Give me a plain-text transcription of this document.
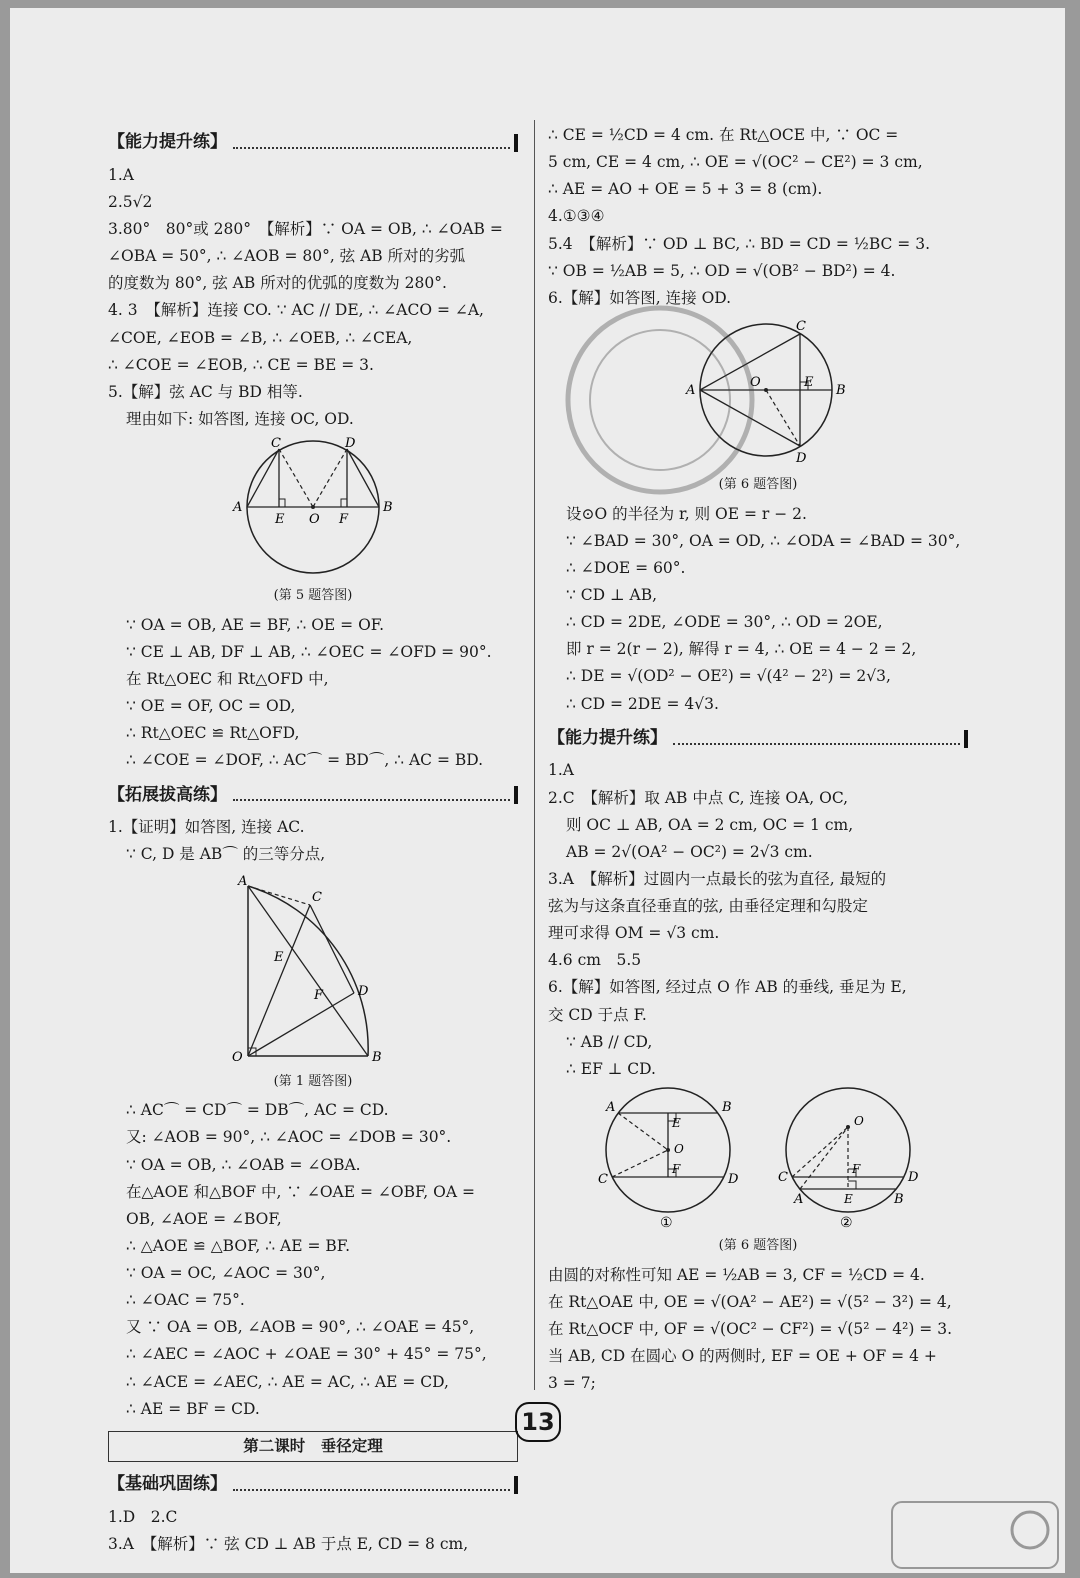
【能力提升练】
1.A
2.5√2
3.80°　80°或 280°　【解析】∵ OA = OB, ∴ ∠OAB =
∠OBA = 50°, ∴ ∠AOB = 80°, 弦 AB 所对的劣弧
的度数为 80°, 弦 AB 所对的优弧的度数为 280°.
4. 3　【解析】连接 CO. ∵ AC // DE, ∴ ∠ACO = ∠A,
∠COE, ∠EOB = ∠B, ∴ ∠OEB, ∴ ∠CEA,
∴ ∠COE = ∠EOB, ∴ CE = BE = 3.
5.【解】弦 AC 与 BD 相等.
理由如下: 如答图, 连接 OC, OD.
A	B
C	D
E O F
(第 5 题答图)
∵ OA = OB, AE = BF, ∴ OE = OF.
∵ CE ⊥ AB, DF ⊥ AB, ∴ ∠OEC = ∠OFD = 90°.
在 Rt△OEC 和 Rt△OFD 中,
∵ OE = OF, OC = OD,
∴ Rt△OEC ≌ Rt△OFD,
∴ ∠COE = ∠DOF, ∴ AC⌒ = BD⌒, ∴ AC = BD.
【拓展拔高练】
1.【证明】如答图, 连接 AC.
∵ C, D 是 AB⌒ 的三等分点,
A
C
D
E
F
O	B
(第 1 题答图)
∴ AC⌒ = CD⌒ = DB⌒, AC = CD.
又: ∠AOB = 90°, ∴ ∠AOC = ∠DOB = 30°.
∵ OA = OB, ∴ ∠OAB = ∠OBA.
在△AOE 和△BOF 中, ∵ ∠OAE = ∠OBF, OA =
OB, ∠AOE = ∠BOF,
∴ △AOE ≌ △BOF, ∴ AE = BF.
∵ OA = OC, ∠AOC = 30°,
∴ ∠OAC = 75°.
又 ∵ OA = OB, ∠AOB = 90°, ∴ ∠OAE = 45°,
∴ ∠AEC = ∠AOC + ∠OAE = 30° + 45° = 75°,
∴ ∠ACE = ∠AEC, ∴ AE = AC, ∴ AE = CD,
∴ AE = BF = CD.
第二课时　垂径定理
【基础巩固练】
1.D　2.C
3.A　【解析】∵ 弦 CD ⊥ AB 于点 E, CD = 8 cm,
∴ CE = ½CD = 4 cm. 在 Rt△OCE 中, ∵ OC =
5 cm, CE = 4 cm, ∴ OE = √(OC² − CE²) = 3 cm,
∴ AE = AO + OE = 5 + 3 = 8 (cm).
4.①③④
5.4　【解析】∵ OD ⊥ BC, ∴ BD = CD = ½BC = 3.
∵ OB = ½AB = 5, ∴ OD = √(OB² − BD²) = 4.
6.【解】如答图, 连接 OD.
A	B
C
D
E
O
(第 6 题答图)
设⊙O 的半径为 r, 则 OE = r − 2.
∵ ∠BAD = 30°, OA = OD, ∴ ∠ODA = ∠BAD = 30°,
∴ ∠DOE = 60°.
∵ CD ⊥ AB,
∴ CD = 2DE, ∠ODE = 30°, ∴ OD = 2OE,
即 r = 2(r − 2), 解得 r = 4, ∴ OE = 4 − 2 = 2,
∴ DE = √(OD² − OE²) = √(4² − 2²) = 2√3,
∴ CD = 2DE = 4√3.
【能力提升练】
1.A
2.C　【解析】取 AB 中点 C, 连接 OA, OC,
则 OC ⊥ AB, OA = 2 cm, OC = 1 cm,
AB = 2√(OA² − OC²) = 2√3 cm.
3.A　【解析】过圆内一点最长的弦为直径, 最短的
弦为与这条直径垂直的弦, 由垂径定理和勾股定
理可求得 OM = √3 cm.
4.6 cm　5.5
6.【解】如答图, 经过点 O 作 AB 的垂线, 垂足为 E,
交 CD 于点 F.
∵ AB // CD,
∴ EF ⊥ CD.
A	B
E
O
F
C	D
①
O
C	D
F
A	E	B
②
(第 6 题答图)
由圆的对称性可知 AE = ½AB = 3, CF = ½CD = 4.
在 Rt△OAE 中, OE = √(OA² − AE²) = √(5² − 3²) = 4,
在 Rt△OCF 中, OF = √(OC² − CF²) = √(5² − 4²) = 3.
当 AB, CD 在圆心 O 的两侧时, EF = OE + OF = 4 +
3 = 7;
13
